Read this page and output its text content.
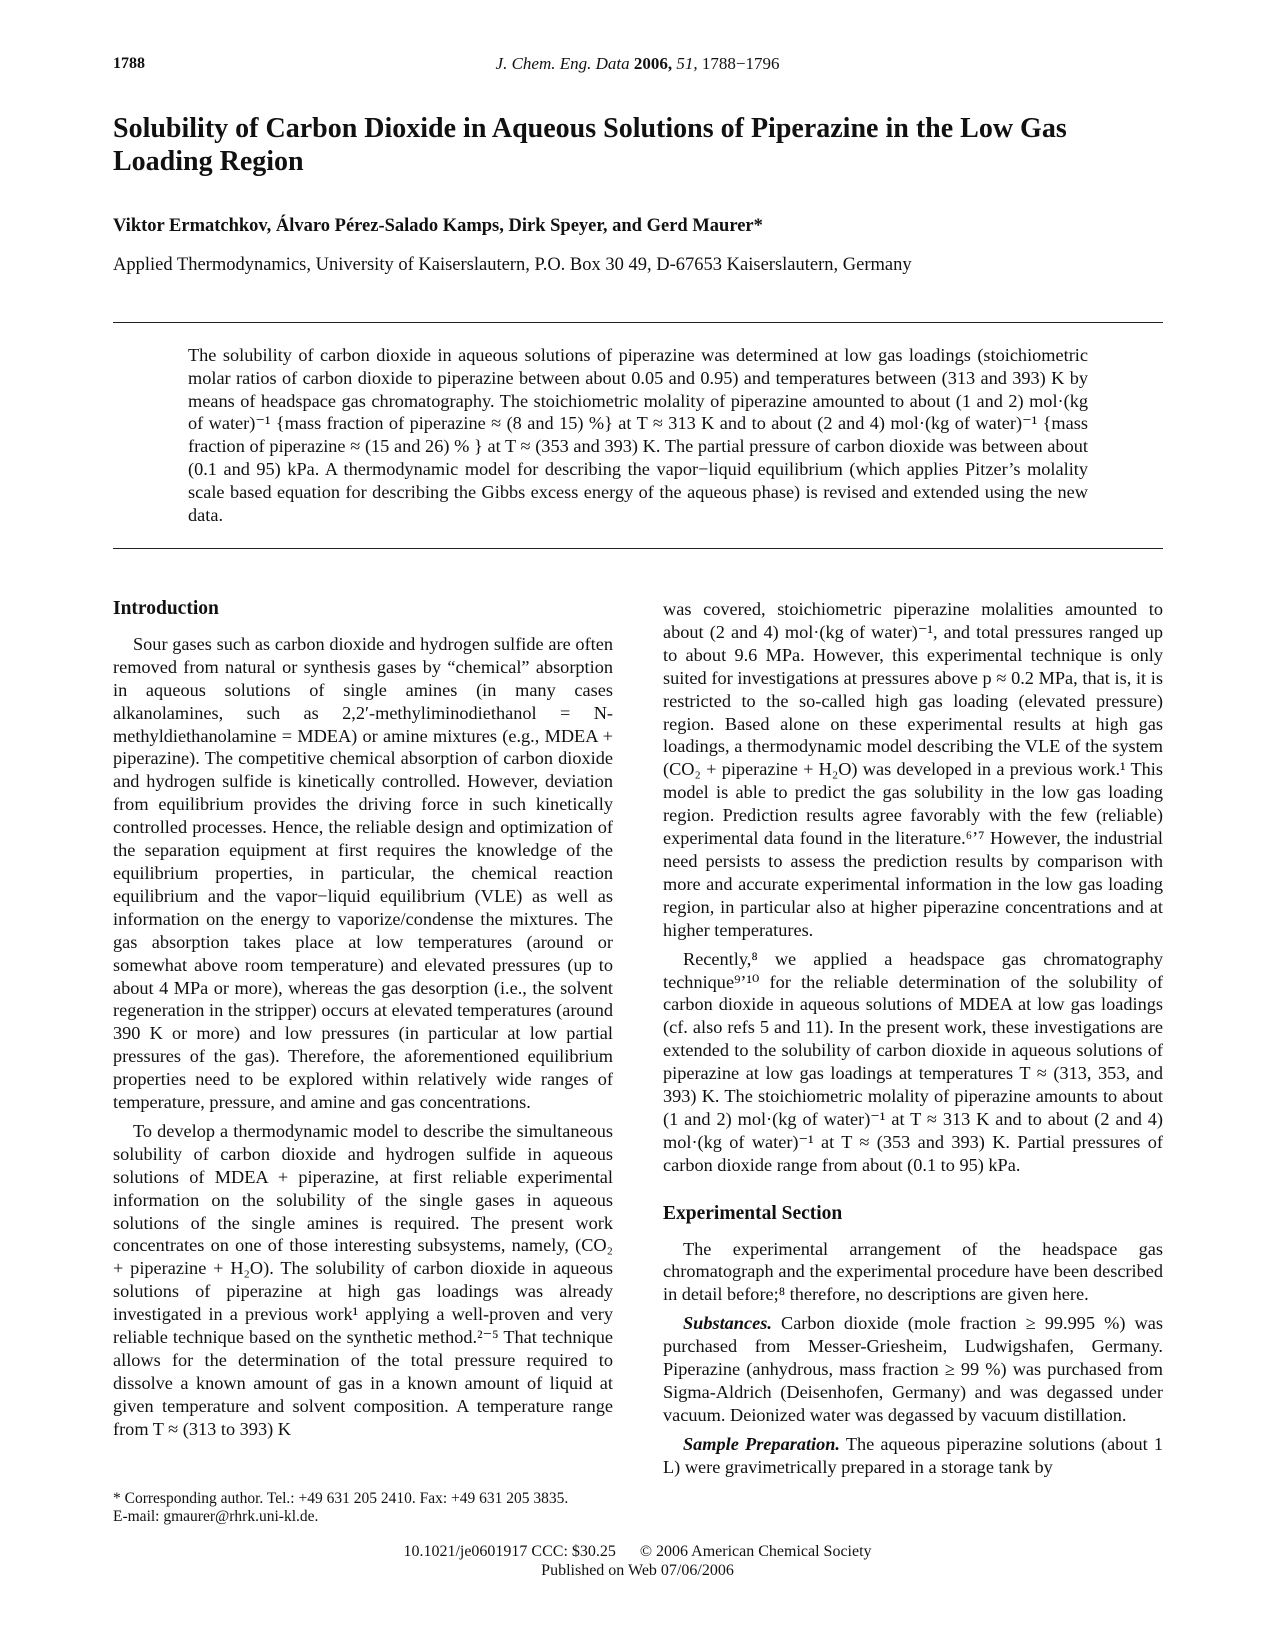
1788	J. Chem. Eng. Data 2006, 51, 1788−1796
Solubility of Carbon Dioxide in Aqueous Solutions of Piperazine in the Low Gas Loading Region
Viktor Ermatchkov, Álvaro Pérez-Salado Kamps, Dirk Speyer, and Gerd Maurer*
Applied Thermodynamics, University of Kaiserslautern, P.O. Box 30 49, D-67653 Kaiserslautern, Germany
The solubility of carbon dioxide in aqueous solutions of piperazine was determined at low gas loadings (stoichiometric molar ratios of carbon dioxide to piperazine between about 0.05 and 0.95) and temperatures between (313 and 393) K by means of headspace gas chromatography. The stoichiometric molality of piperazine amounted to about (1 and 2) mol·(kg of water)⁻¹ {mass fraction of piperazine ≈ (8 and 15) %} at T ≈ 313 K and to about (2 and 4) mol·(kg of water)⁻¹ {mass fraction of piperazine ≈ (15 and 26) % } at T ≈ (353 and 393) K. The partial pressure of carbon dioxide was between about (0.1 and 95) kPa. A thermodynamic model for describing the vapor−liquid equilibrium (which applies Pitzer’s molality scale based equation for describing the Gibbs excess energy of the aqueous phase) is revised and extended using the new data.
Introduction

Sour gases such as carbon dioxide and hydrogen sulfide are often removed from natural or synthesis gases by “chemical” absorption in aqueous solutions of single amines (in many cases alkanolamines, such as 2,2′-methyliminodiethanol = N-methyldiethanolamine = MDEA) or amine mixtures (e.g., MDEA + piperazine). The competitive chemical absorption of carbon dioxide and hydrogen sulfide is kinetically controlled. However, deviation from equilibrium provides the driving force in such kinetically controlled processes. Hence, the reliable design and optimization of the separation equipment at first requires the knowledge of the equilibrium properties, in particular, the chemical reaction equilibrium and the vapor−liquid equilibrium (VLE) as well as information on the energy to vaporize/condense the mixtures. The gas absorption takes place at low temperatures (around or somewhat above room temperature) and elevated pressures (up to about 4 MPa or more), whereas the gas desorption (i.e., the solvent regeneration in the stripper) occurs at elevated temperatures (around 390 K or more) and low pressures (in particular at low partial pressures of the gas). Therefore, the aforementioned equilibrium properties need to be explored within relatively wide ranges of temperature, pressure, and amine and gas concentrations.

To develop a thermodynamic model to describe the simultaneous solubility of carbon dioxide and hydrogen sulfide in aqueous solutions of MDEA + piperazine, at first reliable experimental information on the solubility of the single gases in aqueous solutions of the single amines is required. The present work concentrates on one of those interesting subsystems, namely, (CO₂ + piperazine + H₂O). The solubility of carbon dioxide in aqueous solutions of piperazine at high gas loadings was already investigated in a previous work¹ applying a well-proven and very reliable technique based on the synthetic method.²⁻⁵ That technique allows for the determination of the total pressure required to dissolve a known amount of gas in a known amount of liquid at given temperature and solvent composition. A temperature range from T ≈ (313 to 393) K

was covered, stoichiometric piperazine molalities amounted to about (2 and 4) mol·(kg of water)⁻¹, and total pressures ranged up to about 9.6 MPa. However, this experimental technique is only suited for investigations at pressures above p ≈ 0.2 MPa, that is, it is restricted to the so-called high gas loading (elevated pressure) region. Based alone on these experimental results at high gas loadings, a thermodynamic model describing the VLE of the system (CO₂ + piperazine + H₂O) was developed in a previous work.¹ This model is able to predict the gas solubility in the low gas loading region. Prediction results agree favorably with the few (reliable) experimental data found in the literature.⁶ʼ⁷ However, the industrial need persists to assess the prediction results by comparison with more and accurate experimental information in the low gas loading region, in particular also at higher piperazine concentrations and at higher temperatures.

Recently,⁸ we applied a headspace gas chromatography technique⁹ʼ¹⁰ for the reliable determination of the solubility of carbon dioxide in aqueous solutions of MDEA at low gas loadings (cf. also refs 5 and 11). In the present work, these investigations are extended to the solubility of carbon dioxide in aqueous solutions of piperazine at low gas loadings at temperatures T ≈ (313, 353, and 393) K. The stoichiometric molality of piperazine amounts to about (1 and 2) mol·(kg of water)⁻¹ at T ≈ 313 K and to about (2 and 4) mol·(kg of water)⁻¹ at T ≈ (353 and 393) K. Partial pressures of carbon dioxide range from about (0.1 to 95) kPa.

Experimental Section

The experimental arrangement of the headspace gas chromatograph and the experimental procedure have been described in detail before;⁸ therefore, no descriptions are given here.

Substances. Carbon dioxide (mole fraction ≥ 99.995 %) was purchased from Messer-Griesheim, Ludwigshafen, Germany. Piperazine (anhydrous, mass fraction ≥ 99 %) was purchased from Sigma-Aldrich (Deisenhofen, Germany) and was degassed under vacuum. Deionized water was degassed by vacuum distillation.

Sample Preparation. The aqueous piperazine solutions (about 1 L) were gravimetrically prepared in a storage tank by

* Corresponding author. Tel.: +49 631 205 2410. Fax: +49 631 205 3835.
E-mail: gmaurer@rhrk.uni-kl.de.
10.1021/je0601917 CCC: $30.25 © 2006 American Chemical Society
Published on Web 07/06/2006
